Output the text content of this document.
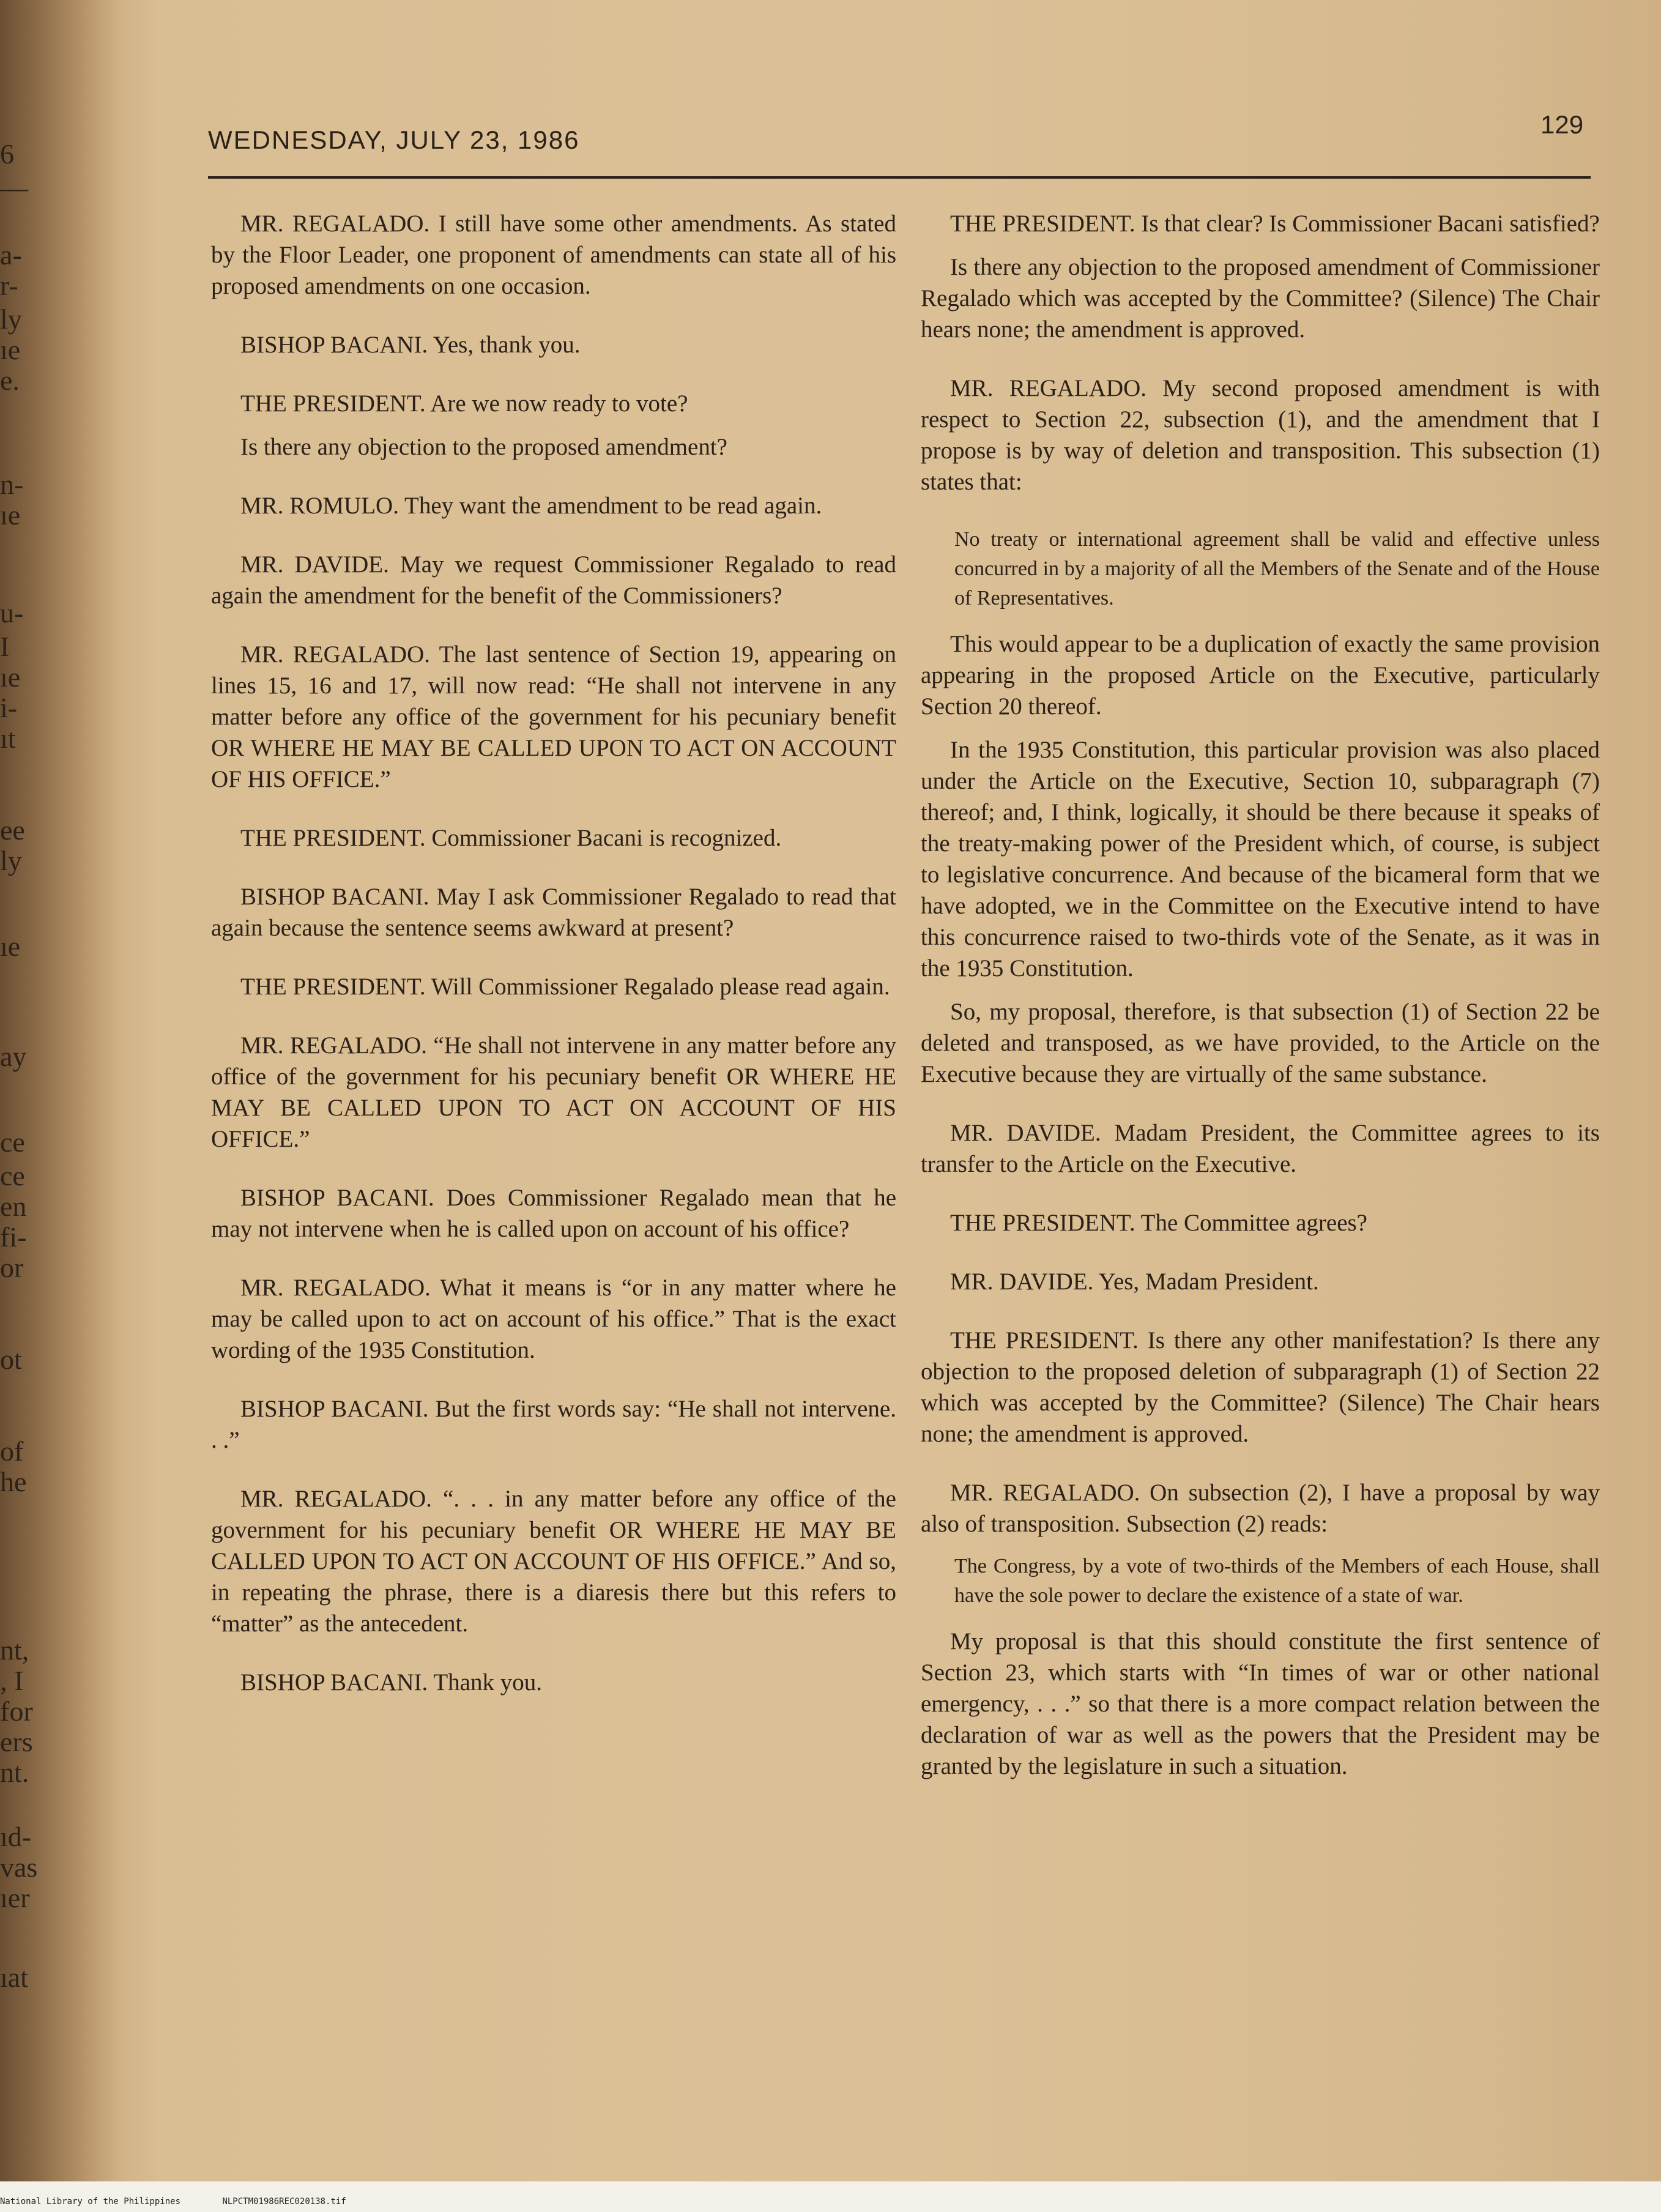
6
—
a-
r-
ly
ıe
e.
n-
ıe
u-
I
ıe
i-
ıt
ee
ly
ıe
ay
ce
ce
en
fi-
or
ot
of
he
nt,
, I
for
ers
nt.
ıd-
vas
ıer
ıat
WEDNESDAY, JULY 23, 1986
129

MR. REGALADO. I still have some other amendments. As stated by the Floor Leader, one proponent of amendments can state all of his proposed amendments on one occasion.

BISHOP BACANI. Yes, thank you.

THE PRESIDENT. Are we now ready to vote?

Is there any objection to the proposed amendment?

MR. ROMULO. They want the amendment to be read again.

MR. DAVIDE. May we request Commissioner Regalado to read again the amendment for the benefit of the Commissioners?

MR. REGALADO. The last sentence of Section 19, appearing on lines 15, 16 and 17, will now read: “He shall not intervene in any matter before any office of the government for his pecuniary benefit OR WHERE HE MAY BE CALLED UPON TO ACT ON ACCOUNT OF HIS OFFICE.”

THE PRESIDENT. Commissioner Bacani is recognized.

BISHOP BACANI. May I ask Commissioner Regalado to read that again because the sentence seems awkward at present?

THE PRESIDENT. Will Commissioner Regalado please read again.

MR. REGALADO. “He shall not intervene in any matter before any office of the government for his pecuniary benefit OR WHERE HE MAY BE CALLED UPON TO ACT ON ACCOUNT OF HIS OFFICE.”

BISHOP BACANI. Does Commissioner Regalado mean that he may not intervene when he is called upon on account of his office?

MR. REGALADO. What it means is “or in any matter where he may be called upon to act on account of his office.” That is the exact wording of the 1935 Constitution.

BISHOP BACANI. But the first words say: “He shall not intervene. . .”

MR. REGALADO. “. . . in any matter before any office of the government for his pecuniary benefit OR WHERE HE MAY BE CALLED UPON TO ACT ON ACCOUNT OF HIS OFFICE.” And so, in repeating the phrase, there is a diaresis there but this refers to “matter” as the antecedent.

BISHOP BACANI. Thank you.

THE PRESIDENT. Is that clear? Is Commissioner Bacani satisfied?

Is there any objection to the proposed amendment of Commissioner Regalado which was accepted by the Committee? (Silence) The Chair hears none; the amendment is approved.

MR. REGALADO. My second proposed amendment is with respect to Section 22, subsection (1), and the amendment that I propose is by way of deletion and transposition. This subsection (1) states that:

No treaty or international agreement shall be valid and effective unless concurred in by a majority of all the Members of the Senate and of the House of Representatives.

This would appear to be a duplication of exactly the same provision appearing in the proposed Article on the Executive, particularly Section 20 thereof.

In the 1935 Constitution, this particular provision was also placed under the Article on the Executive, Section 10, subparagraph (7) thereof; and, I think, logically, it should be there because it speaks of the treaty-making power of the President which, of course, is subject to legislative concurrence. And because of the bicameral form that we have adopted, we in the Committee on the Executive intend to have this concurrence raised to two-thirds vote of the Senate, as it was in the 1935 Constitution.

So, my proposal, therefore, is that subsection (1) of Section 22 be deleted and transposed, as we have provided, to the Article on the Executive because they are virtually of the same substance.

MR. DAVIDE. Madam President, the Committee agrees to its transfer to the Article on the Executive.

THE PRESIDENT. The Committee agrees?

MR. DAVIDE. Yes, Madam President.

THE PRESIDENT. Is there any other manifestation? Is there any objection to the proposed deletion of subparagraph (1) of Section 22 which was accepted by the Committee? (Silence) The Chair hears none; the amendment is approved.

MR. REGALADO. On subsection (2), I have a proposal by way also of transposition. Subsection (2) reads:

The Congress, by a vote of two-thirds of the Members of each House, shall have the sole power to declare the existence of a state of war.

My proposal is that this should constitute the first sentence of Section 23, which starts with “In times of war or other national emergency, . . .” so that there is a more compact relation between the declaration of war as well as the powers that the President may be granted by the legislature in such a situation.

National Library of the Philippines	NLPCTM01986REC020138.tif
